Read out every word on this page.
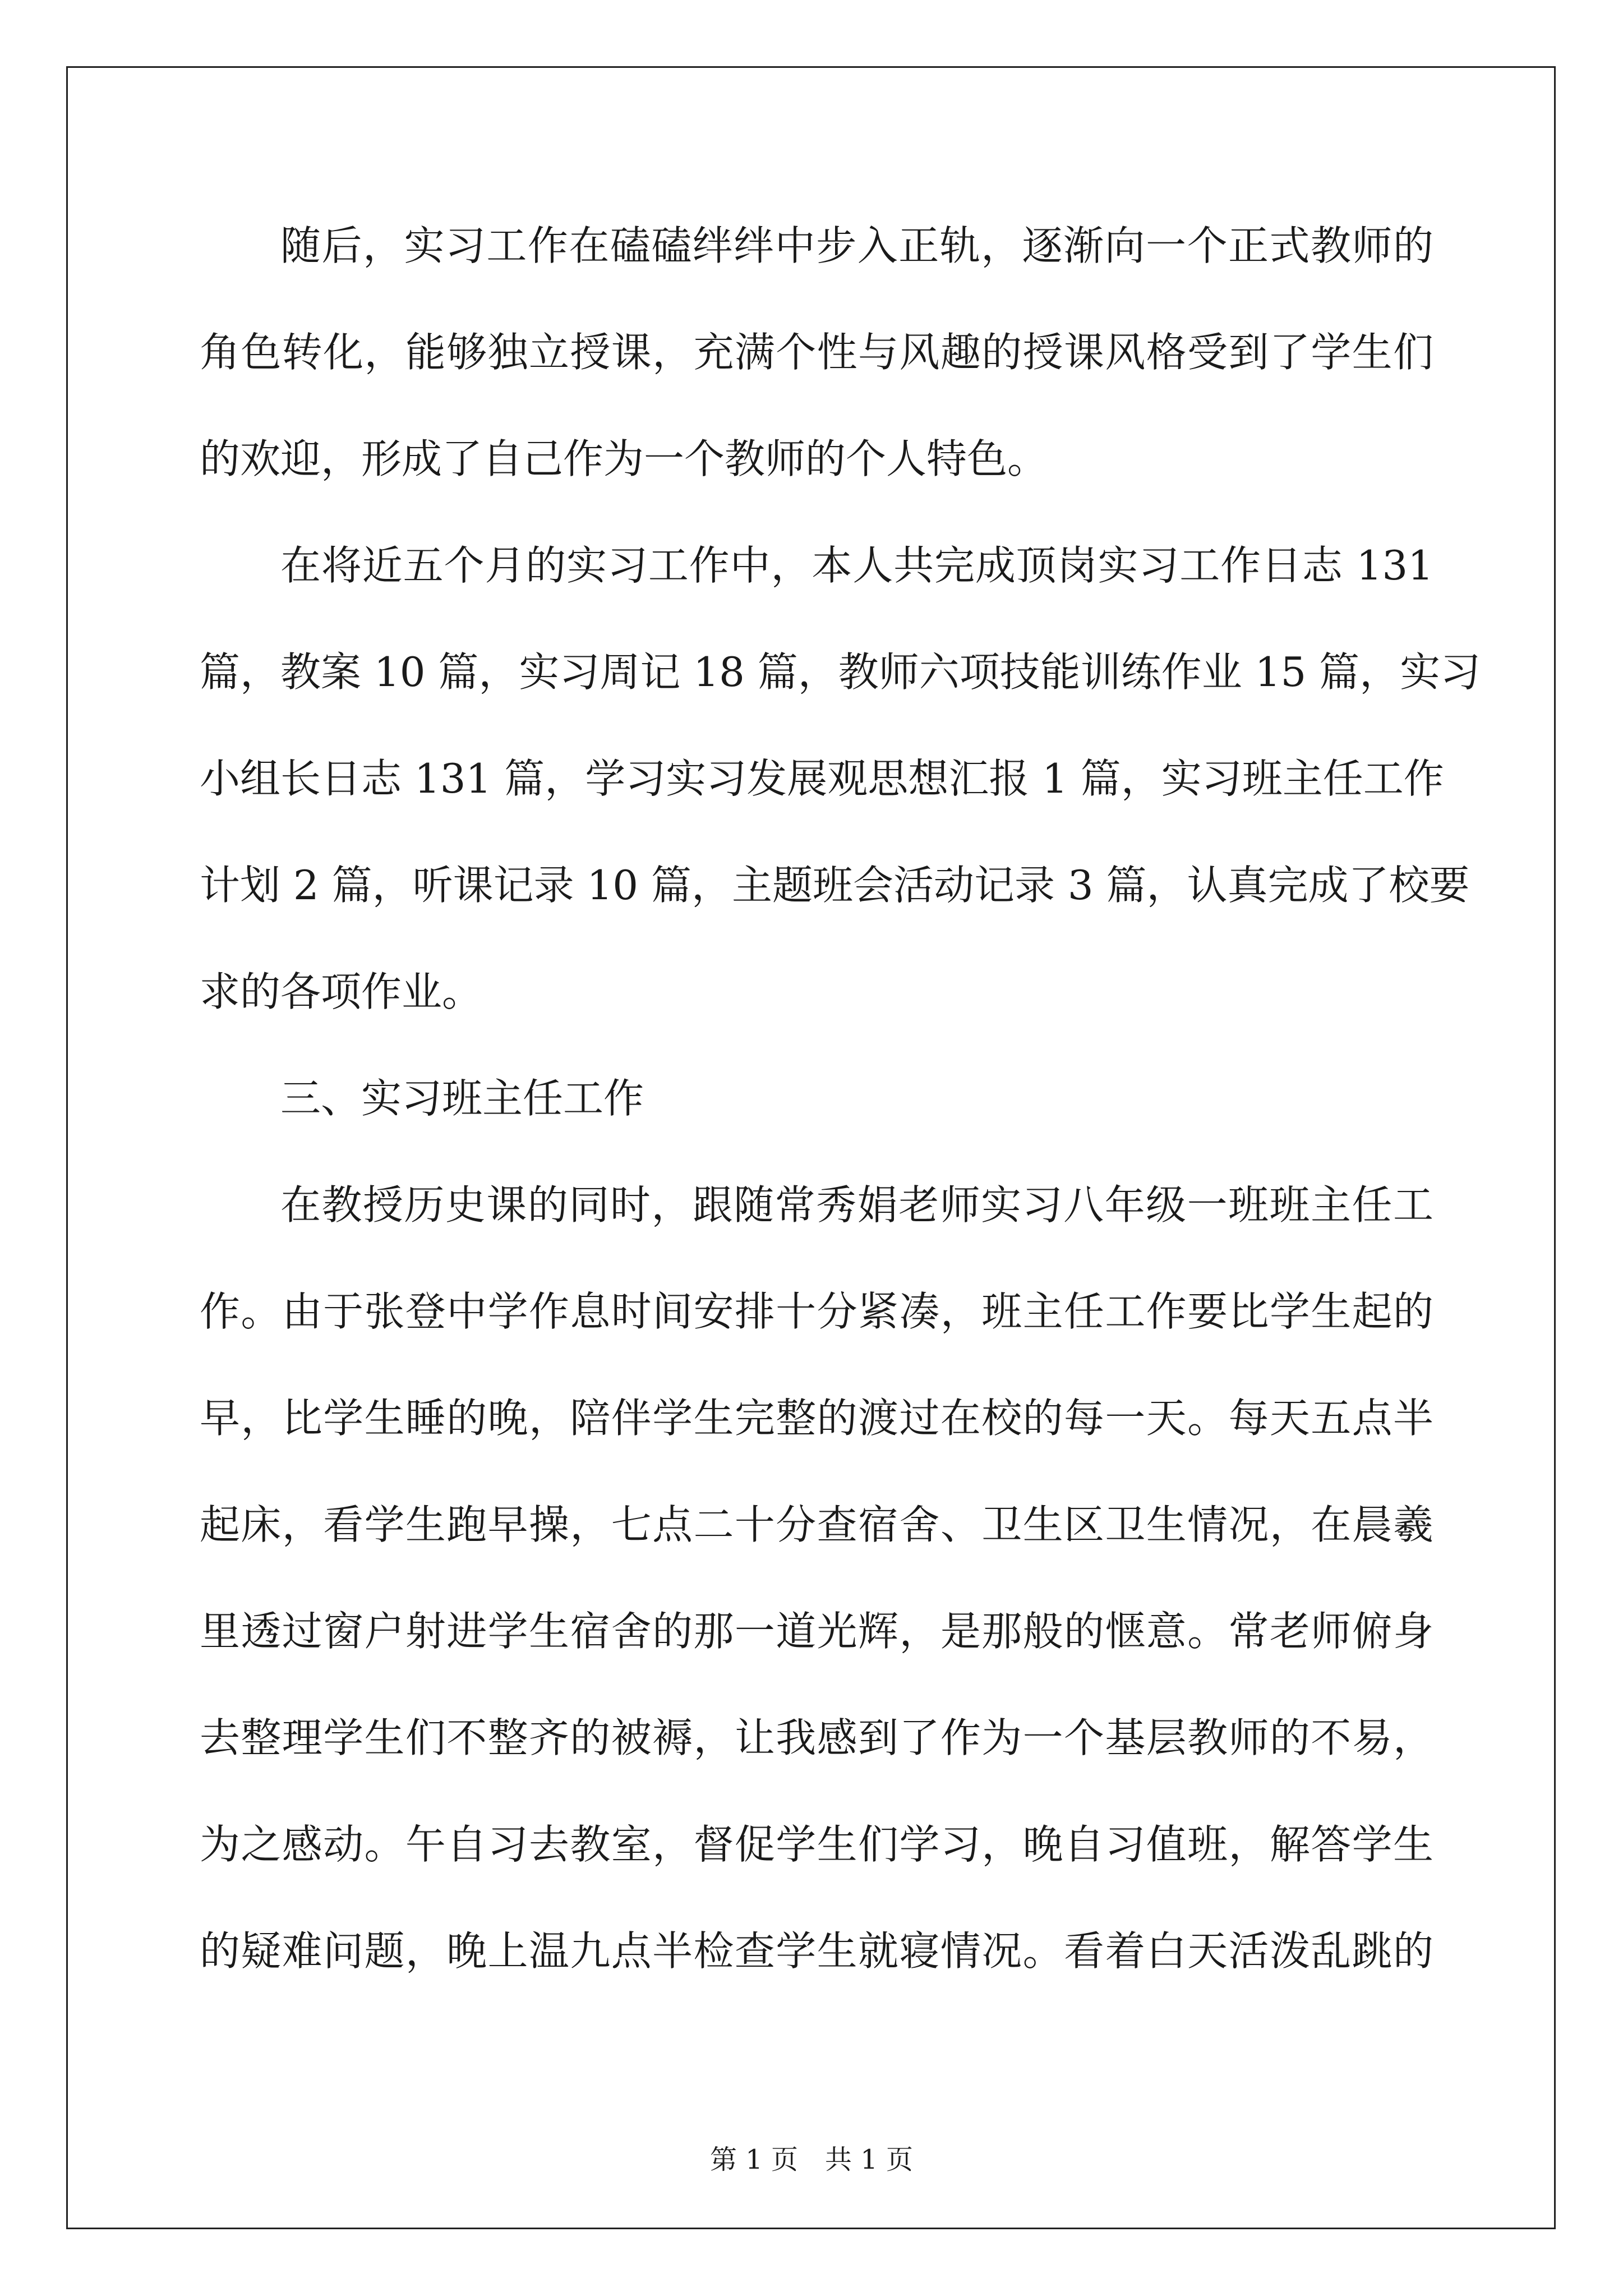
随后，实习工作在磕磕绊绊中步入正轨，逐渐向一个正式教师的
角色转化，能够独立授课，充满个性与风趣的授课风格受到了学生们
的欢迎，形成了自己作为一个教师的个人特色。
在将近五个月的实习工作中，本人共完成顶岗实习工作日志 131
篇，教案 10 篇，实习周记 18 篇，教师六项技能训练作业 15 篇，实习
小组长日志 131 篇，学习实习发展观思想汇报 1 篇，实习班主任工作
计划 2 篇，听课记录 10 篇，主题班会活动记录 3 篇，认真完成了校要
求的各项作业。
三、实习班主任工作
在教授历史课的同时，跟随常秀娟老师实习八年级一班班主任工
作。由于张登中学作息时间安排十分紧凑，班主任工作要比学生起的
早，比学生睡的晚，陪伴学生完整的渡过在校的每一天。每天五点半
起床，看学生跑早操，七点二十分查宿舍、卫生区卫生情况，在晨羲
里透过窗户射进学生宿舍的那一道光辉，是那般的惬意。常老师俯身
去整理学生们不整齐的被褥，让我感到了作为一个基层教师的不易，
为之感动。午自习去教室，督促学生们学习，晚自习值班，解答学生
的疑难问题，晚上温九点半检查学生就寝情况。看着白天活泼乱跳的
第 1 页 共 1 页
